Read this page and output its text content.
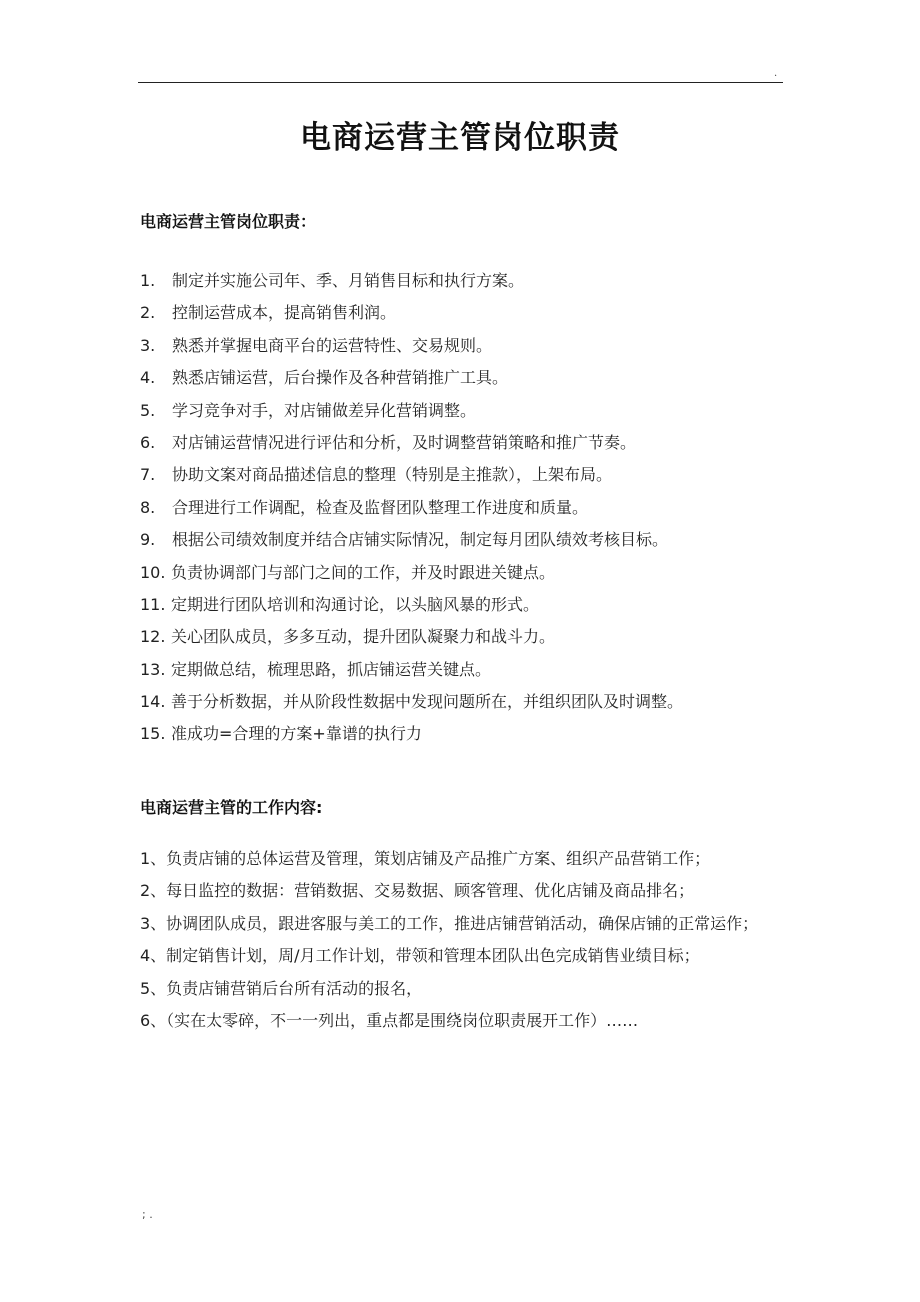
.
电商运营主管岗位职责
电商运营主管岗位职责：
1. 制定并实施公司年、季、月销售目标和执行方案。
2. 控制运营成本，提高销售利润。
3. 熟悉并掌握电商平台的运营特性、交易规则。
4. 熟悉店铺运营，后台操作及各种营销推广工具。
5. 学习竞争对手，对店铺做差异化营销调整。
6. 对店铺运营情况进行评估和分析，及时调整营销策略和推广节奏。
7. 协助文案对商品描述信息的整理（特别是主推款），上架布局。
8. 合理进行工作调配，检查及监督团队整理工作进度和质量。
9. 根据公司绩效制度并结合店铺实际情况，制定每月团队绩效考核目标。
10. 负责协调部门与部门之间的工作，并及时跟进关键点。
11. 定期进行团队培训和沟通讨论，以头脑风暴的形式。
12. 关心团队成员，多多互动，提升团队凝聚力和战斗力。
13. 定期做总结，梳理思路，抓店铺运营关键点。
14. 善于分析数据，并从阶段性数据中发现问题所在，并组织团队及时调整。
15. 准成功=合理的方案+靠谱的执行力
电商运营主管的工作内容:
1、负责店铺的总体运营及管理，策划店铺及产品推广方案、组织产品营销工作；
2、每日监控的数据：营销数据、交易数据、顾客管理、优化店铺及商品排名；
3、协调团队成员，跟进客服与美工的工作，推进店铺营销活动，确保店铺的正常运作；
4、制定销售计划，周/月工作计划，带领和管理本团队出色完成销售业绩目标；
5、负责店铺营销后台所有活动的报名，
6、（实在太零碎，不一一列出，重点都是围绕岗位职责展开工作）……
; .
